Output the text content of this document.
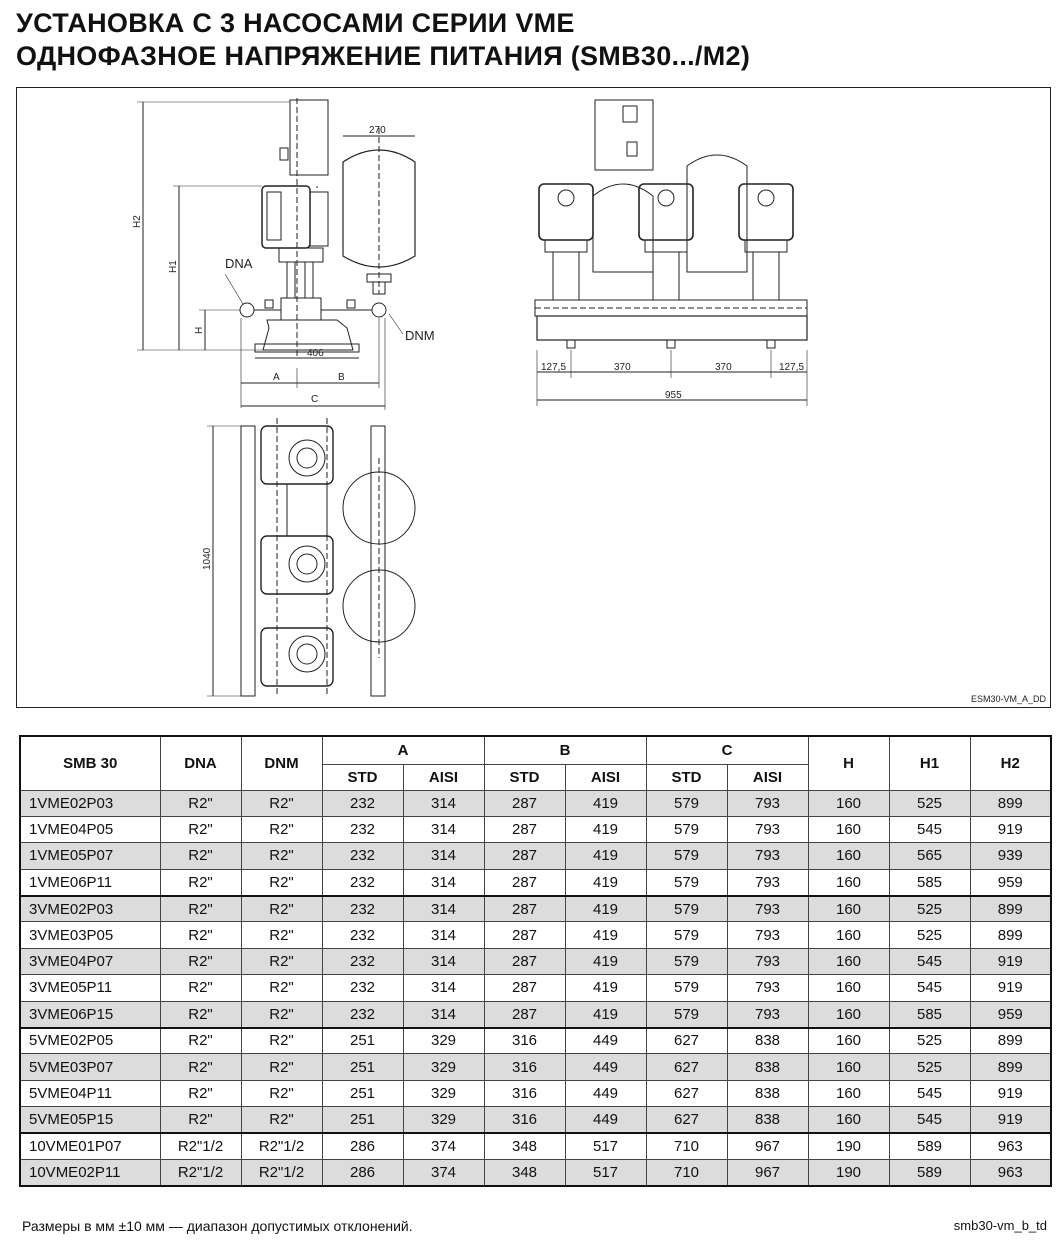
УСТАНОВКА С 3 НАСОСАМИ СЕРИИ VME
ОДНОФАЗНОЕ НАПРЯЖЕНИЕ ПИТАНИЯ (SMB30.../M2)
H2
H1
H
DNA
DNM
270
406
A	B
C
127,5	370	370	127,5
955
1040
ESM30-VM_A_DD
SMB 30	DNA	DNM	A		B		C		H	H1	H2
			STD	AISI	STD	AISI	STD	AISI			
1VME02P03	R2"	R2"	232	314	287	419	579	793	160	525	899
1VME04P05	R2"	R2"	232	314	287	419	579	793	160	545	919
1VME05P07	R2"	R2"	232	314	287	419	579	793	160	565	939
1VME06P11	R2"	R2"	232	314	287	419	579	793	160	585	959
3VME02P03	R2"	R2"	232	314	287	419	579	793	160	525	899
3VME03P05	R2"	R2"	232	314	287	419	579	793	160	525	899
3VME04P07	R2"	R2"	232	314	287	419	579	793	160	545	919
3VME05P11	R2"	R2"	232	314	287	419	579	793	160	545	919
3VME06P15	R2"	R2"	232	314	287	419	579	793	160	585	959
5VME02P05	R2"	R2"	251	329	316	449	627	838	160	525	899
5VME03P07	R2"	R2"	251	329	316	449	627	838	160	525	899
5VME04P11	R2"	R2"	251	329	316	449	627	838	160	545	919
5VME05P15	R2"	R2"	251	329	316	449	627	838	160	545	919
10VME01P07	R2"1/2	R2"1/2	286	374	348	517	710	967	190	589	963
10VME02P11	R2"1/2	R2"1/2	286	374	348	517	710	967	190	589	963
Размеры в мм ±10 мм — диапазон допустимых отклонений.	smb30-vm_b_td
